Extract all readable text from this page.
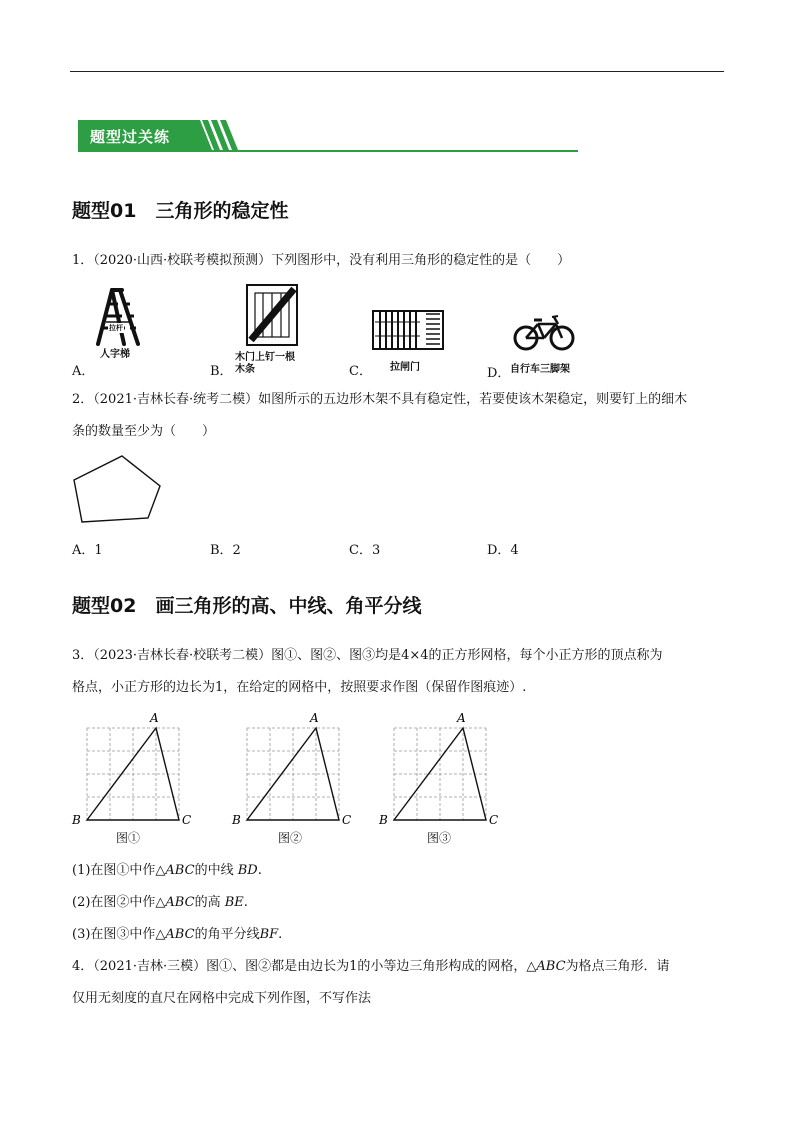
题型过关练
题型01　三角形的稳定性
1．（2020·山西·校联考模拟预测）下列图形中，没有利用三角形的稳定性的是（　　）
拉杆
人字梯
A．
木门上钉一根
木条
B．	拉闸门
C．	自行车三脚架
D．
2．（2021·吉林长春·统考二模）如图所示的五边形木架不具有稳定性，若要使该木架稳定，则要钉上的细木
条的数量至少为（　　）
A．1	B．2	C．3	D．4
题型02　画三角形的高、中线、角平分线
3．（2023·吉林长春·校联考二模）图①、图②、图③均是4×4的正方形网格，每个小正方形的顶点称为
格点，小正方形的边长为1，在给定的网格中，按照要求作图（保留作图痕迹）.
A
B	C
图①
A
B	C
图②
A
B	C
图③
(1)在图①中作△ABC的中线 BD.
(2)在图②中作△ABC的高 BE.
(3)在图③中作△ABC的角平分线BF.
4．（2021·吉林·三模）图①、图②都是由边长为1的小等边三角形构成的网格，△ABC为格点三角形．请
仅用无刻度的直尺在网格中完成下列作图，不写作法
